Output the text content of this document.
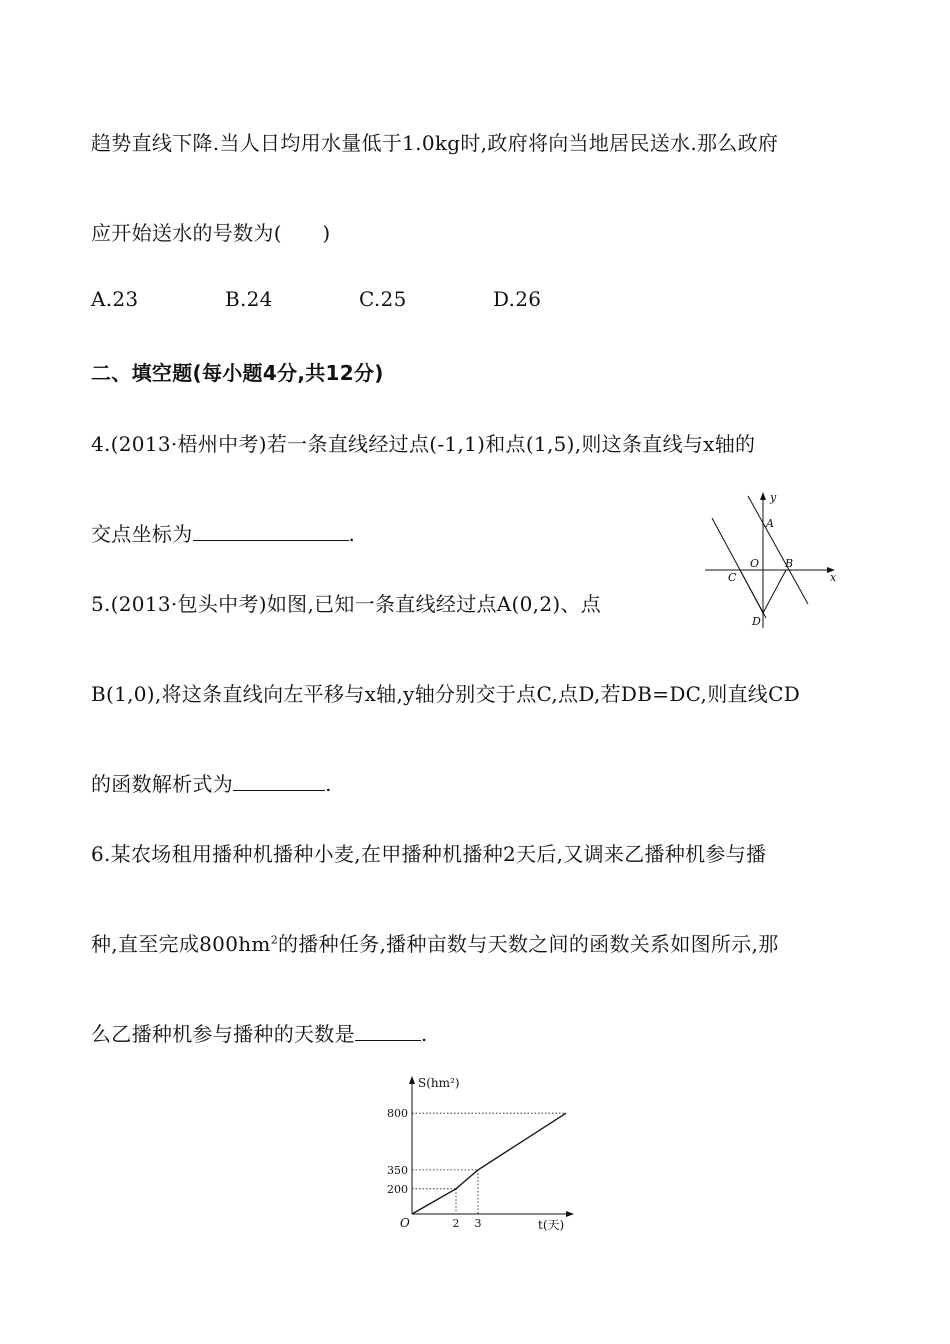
趋势直线下降.当人日均用水量低于1.0kg时,政府将向当地居民送水.那么政府
应开始送水的号数为(　　)
A.23	B.24	C.25	D.26
二、填空题(每小题4分,共12分)
4.(2013·梧州中考)若一条直线经过点(-1,1)和点(1,5),则这条直线与x轴的
交点坐标为	.
5.(2013·包头中考)如图,已知一条直线经过点A(0,2)、点
B(1,0),将这条直线向左平移与x轴,y轴分别交于点C,点D,若DB=DC,则直线CD
的函数解析式为	.
y
x
A
O B
C
D
6.某农场租用播种机播种小麦,在甲播种机播种2天后,又调来乙播种机参与播
种,直至完成$800hm^2$的播种任务,播种亩数与天数之间的函数关系如图所示,那
么乙播种机参与播种的天数是	.
S(hm²)
t(天)
O
200
350
800
2 3
